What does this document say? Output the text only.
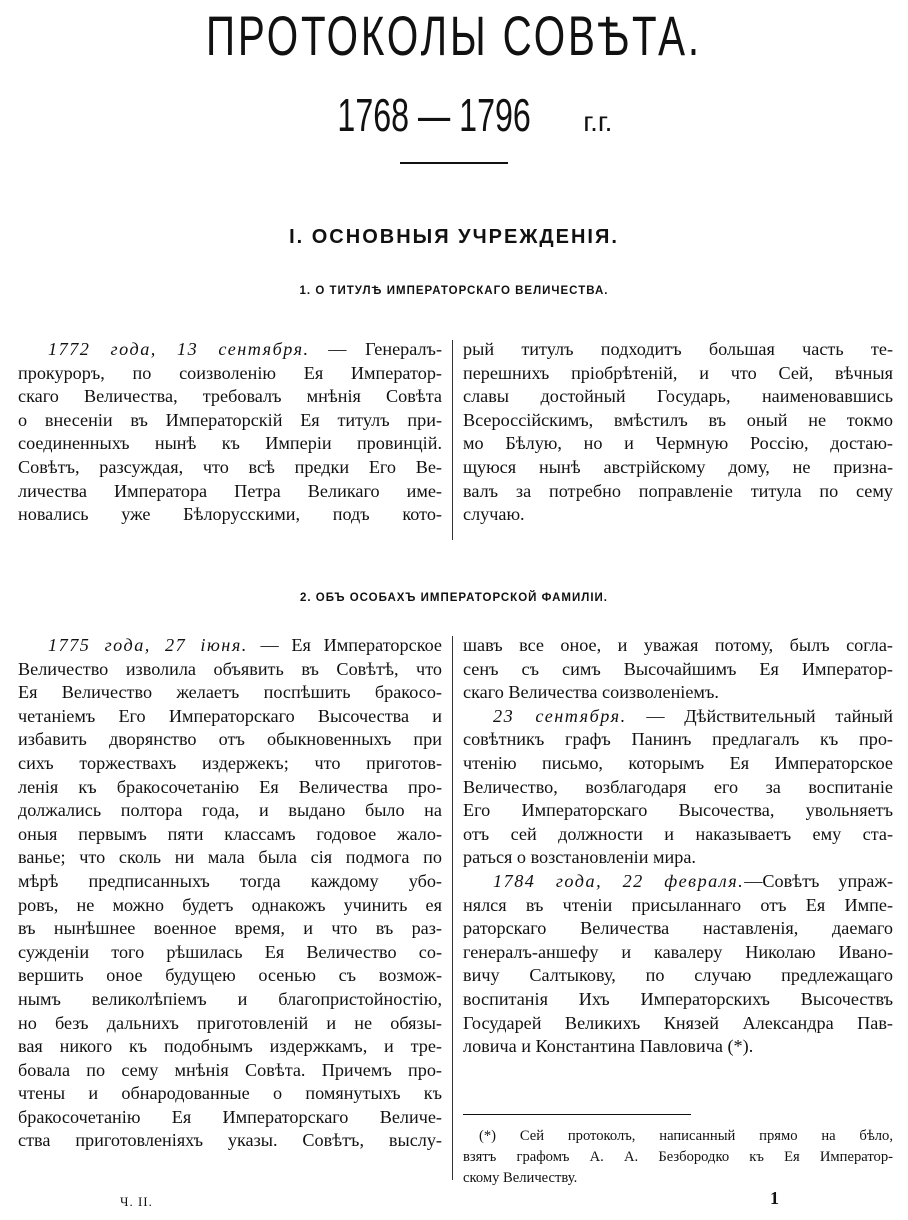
ПРОТОКОЛЫ СОВѢТА.
1768 — 1796 г.г.
I. ОСНОВНЫЯ УЧРЕЖДЕНІЯ.
1. О ТИТУЛѢ ИМПЕРАТОРСКАГО ВЕЛИЧЕСТВА.
1772 года, 13 сентября. — Генералъ-
прокуроръ, по соизволенію Ея Император-
скаго Величества, требовалъ мнѣнія Совѣта
о внесеніи въ Императорскій Ея титулъ при-
соединенныхъ нынѣ къ Имперіи провинцій.
Совѣтъ, разсуждая, что всѣ предки Его Ве-
личества Императора Петра Великаго име-
новались уже Бѣлоруccкими, подъ кото-
рый титулъ подходитъ большая часть те-
перешнихъ пріобрѣтеній, и что Сей, вѣчныя
славы достойный Государь, наименовавшись
Всероссійскимъ, вмѣстилъ въ оный не токмо
мо Бѣлую, но и Чермную Россію, достаю-
щуюся нынѣ австрійскому дому, не призна-
валъ за потребно поправленіе титула по сему
случаю.
2. ОБЪ ОСОБАХЪ ИМПЕРАТОРСКОЙ ФАМИЛІИ.
1775 года, 27 іюня. — Ея Императорское
Величество изволила объявить въ Совѣтѣ, что
Ея Величество желаетъ поспѣшить бракосо-
четаніемъ Его Императорскаго Высочества и
избавить дворянство отъ обыкновенныхъ при
сихъ торжествахъ издержекъ; что приготов-
ленія къ бракосочетанію Ея Величества про-
должались полтора года, и выдано было на
оныя первымъ пяти классамъ годовое жало-
ванье; что сколь ни мала была сія подмога по
мѣрѣ предписанныхъ тогда каждому убо-
ровъ, не можно будетъ однакожъ учинить ея
въ нынѣшнее военное время, и что въ раз-
сужденіи того рѣшилась Ея Величество со-
вершить оное будущею осенью съ возмож-
нымъ великолѣпіемъ и благопристойностію,
но безъ дальнихъ приготовленій и не обязы-
вая никого къ подобнымъ издержкамъ, и тре-
бовала по сему мнѣнія Совѣта. Причемъ про-
чтены и обнародованные о помянутыхъ къ
бракосочетанію Ея Императорскаго Величе-
ства приготовленіяхъ указы. Совѣтъ, выслу-
шавъ все оное, и уважая потому, былъ согла-
сенъ съ симъ Высочайшимъ Ея Император-
скаго Величества соизволеніемъ.
23 сентября. — Дѣйствительный тайный
совѣтникъ графъ Панинъ предлагалъ къ про-
чтенію письмо, которымъ Ея Императорское
Величество, возблагодаря его за воспитаніе
Его Императорскаго Высочества, увольняетъ
отъ сей должности и наказываетъ ему ста-
раться о возстановленіи мира.
1784 года, 22 февраля.—Совѣтъ упраж-
нялся въ чтеніи присыланнаго отъ Ея Импе-
раторскаго Величества наставленія, даемаго
генералъ-аншефу и кавалеру Николаю Ивано-
вичу Салтыкову, по случаю предлежащаго
воспитанія Ихъ Императорскихъ Высочествъ
Государей Великихъ Князей Александра Пав-
ловича и Константина Павловича (*).
(*) Сей протоколъ, написанный прямо на бѣло,
взятъ графомъ А. А. Безбородко къ Ея Император-
скому Величеству.
Ч. II.	1
